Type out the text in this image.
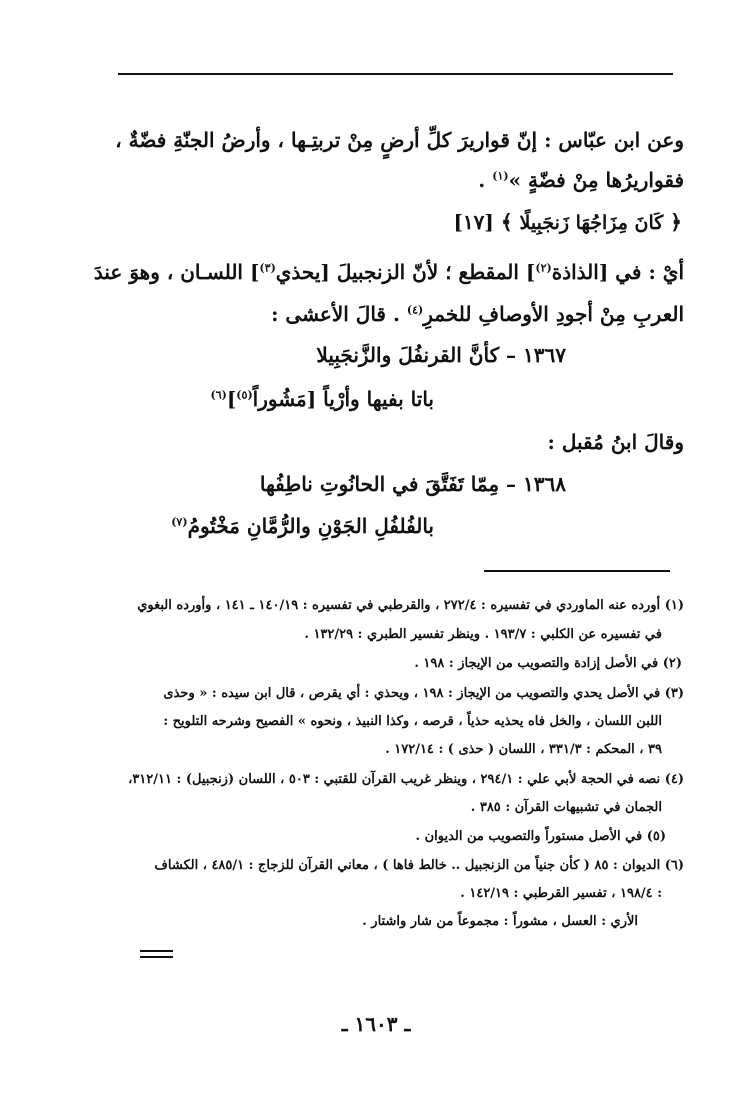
وعن ابن عبّاس : إنّ قواريرَ كلِّ أرضٍ مِنْ تربتِـها ، وأرضُ الجنّةِ فضّةٌ ،
فقواريرُها مِنْ فضّةٍ »$^{(١)}$ .
﴿ كَانَ مِزَاجُهَا زَنجَبِيلًا ﴾ [١٧]
أيْ : في [الذاذة$^{(٢)}$] المقطع ؛ لأنّ الزنجبيلَ [يحذي$^{(٣)}$] اللسـان ، وهوَ عندَ
العربِ مِنْ أجودِ الأوصافِ للخمرِ$^{(٤)}$ . قالَ الأعشى :
١٣٦٧ – كأنَّ القرنفُلَ والزَّنجَبِيلا
باتا بفيها وأرْياً [مَشُوراً$^{(٥)}$]$^{(٦)}$
وقالَ ابنُ مُقبل :
١٣٦٨ – مِمّا تَفَتَّقَ في الحانُوتِ ناطِفُها
بالفُلفُلِ الجَوْنِ والرُّمَّانِ مَخْتُومُ$^{(٧)}$
(١) أورده عنه الماوردي في تفسيره : ٢٧٢/٤ ، والقرطبي في تفسيره : ١٤٠/١٩ ـ ١٤١ ، وأورده البغوي
في تفسيره عن الكلبي : ١٩٣/٧ . وينظر تفسير الطبري : ١٣٢/٢٩ .
(٢) في الأصل إزادة والتصويب من الإيجاز : ١٩٨ .
(٣) في الأصل يحدي والتصويب من الإيجاز : ١٩٨ ، ويحذي : أي يقرص ، قال ابن سيده : « وحذى
اللبن اللسان ، والخل فاه يحذيه حذياً ، قرصه ، وكذا النبيذ ، ونحوه » الفصيح وشرحه التلويح :
٣٩ ، المحكم : ٣٣١/٣ ، اللسان ( حذى ) : ١٧٢/١٤ .
(٤) نصه في الحجة لأبي علي : ٢٩٤/١ ، وينظر غريب القرآن للقتبي : ٥٠٣ ، اللسان (زنجبيل) : ٣١٢/١١،
الجمان في تشبيهات القرآن : ٣٨٥ .
(٥) في الأصل مستوراً والتصويب من الديوان .
(٦) الديوان : ٨٥ ( كأن جنياً من الزنجبيل .. خالط فاها ) ، معاني القرآن للزجاج : ٤٨٥/١ ، الكشاف
: ١٩٨/٤ ، تفسير القرطبي : ١٤٢/١٩ .
الأري : العسل ، مشوراً : مجموعاً من شار واشتار .
ـ ١٦٠٣ ـ
